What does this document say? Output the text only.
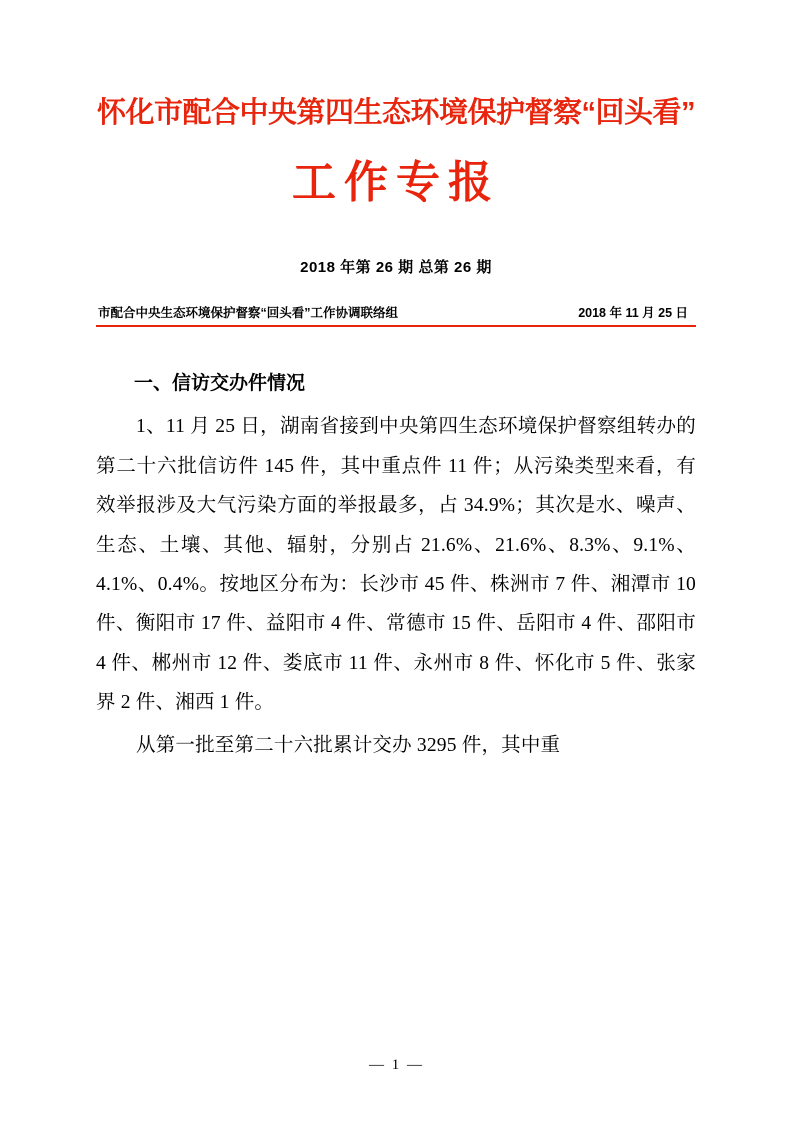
怀化市配合中央第四生态环境保护督察“回头看”
工作专报
2018 年第 26 期 总第 26 期
市配合中央生态环境保护督察“回头看”工作协调联络组	2018 年 11 月 25 日
一、信访交办件情况
1、11 月 25 日，湖南省接到中央第四生态环境保护督察组转办的第二十六批信访件 145 件，其中重点件 11 件；从污染类型来看，有效举报涉及大气污染方面的举报最多，占 34.9%；其次是水、噪声、生态、土壤、其他、辐射，分别占 21.6%、21.6%、8.3%、9.1%、4.1%、0.4%。按地区分布为：长沙市 45 件、株洲市 7 件、湘潭市 10 件、衡阳市 17 件、益阳市 4 件、常德市 15 件、岳阳市 4 件、邵阳市 4 件、郴州市 12 件、娄底市 11 件、永州市 8 件、怀化市 5 件、张家界 2 件、湘西 1 件。
从第一批至第二十六批累计交办 3295 件，其中重
— 1 —
